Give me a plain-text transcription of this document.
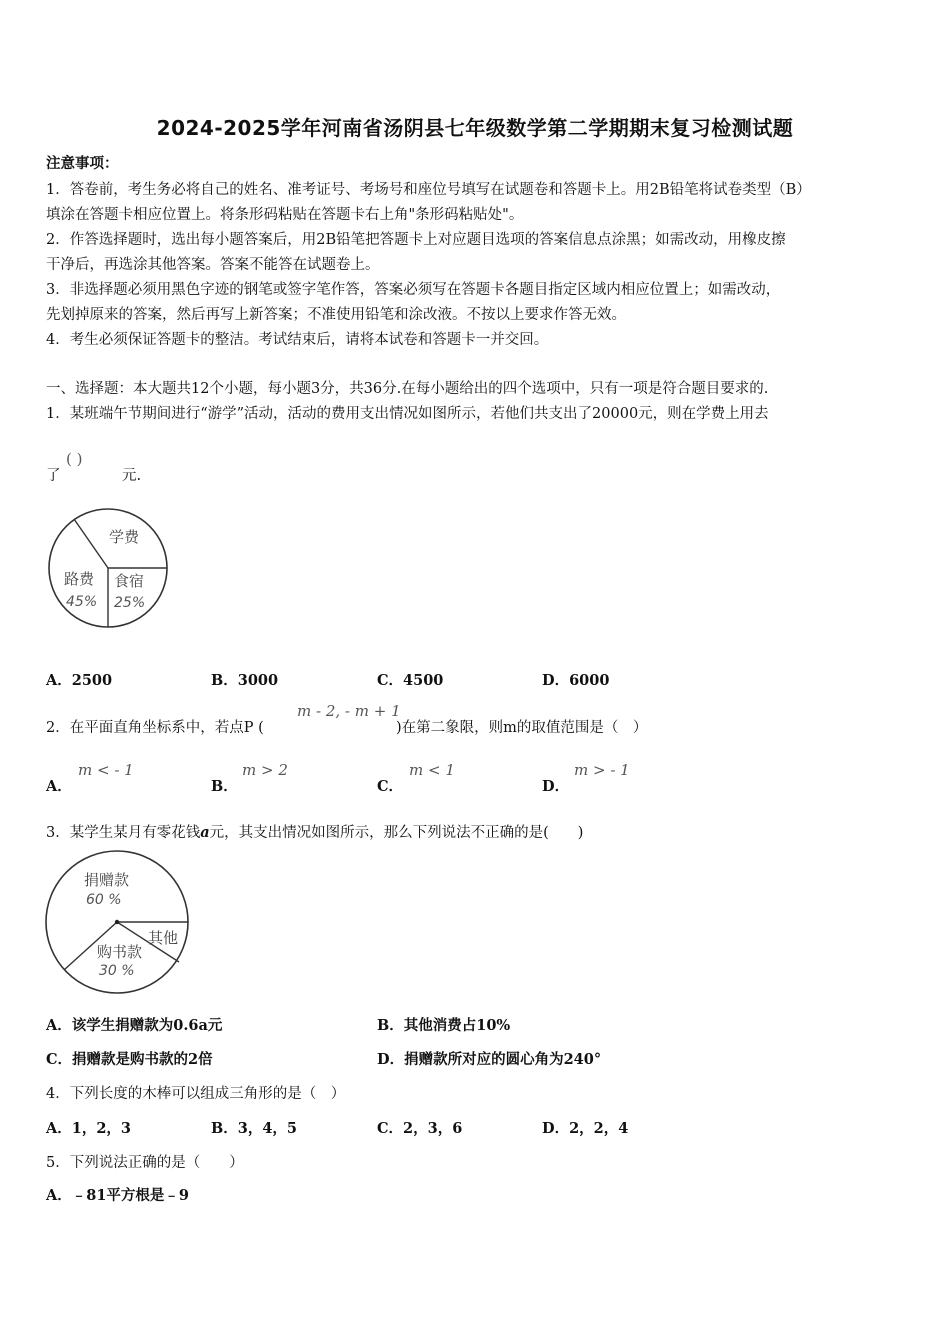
2024-2025学年河南省汤阴县七年级数学第二学期期末复习检测试题
注意事项：
1．答卷前，考生务必将自己的姓名、准考证号、考场号和座位号填写在试题卷和答题卡上。用2B铅笔将试卷类型（B）
填涂在答题卡相应位置上。将条形码粘贴在答题卡右上角"条形码粘贴处"。
2．作答选择题时，选出每小题答案后，用2B铅笔把答题卡上对应题目选项的答案信息点涂黑；如需改动，用橡皮擦
干净后，再选涂其他答案。答案不能答在试题卷上。
3．非选择题必须用黑色字迹的钢笔或签字笔作答，答案必须写在答题卡各题目指定区域内相应位置上；如需改动，
先划掉原来的答案，然后再写上新答案；不准使用铅笔和涂改液。不按以上要求作答无效。
4．考生必须保证答题卡的整洁。考试结束后，请将本试卷和答题卡一并交回。
一、选择题：本大题共12个小题，每小题3分，共36分.在每小题给出的四个选项中，只有一项是符合题目要求的.
1．某班端午节期间进行“游学”活动，活动的费用支出情况如图所示，若他们共支出了20000元，则在学费上用去
了
( )
元.
学费
路费
45%
食宿
25%
A．2500	B．3000	C．4500	D．6000
2．在平面直角坐标系中，若点P (
m - 2, - m + 1
)在第二象限，则m的取值范围是（　）
A．
m < - 1
B．
m > 2
C．
m < 1
D．
m > - 1
3．某学生某月有零花钱a元，其支出情况如图所示，那么下列说法不正确的是(　　)
捐赠款
60 %
其他
购书款
30 %
A．该学生捐赠款为0.6a元	B．其他消费占10%
C．捐赠款是购书款的2倍	D．捐赠款所对应的圆心角为240°
4．下列长度的木棒可以组成三角形的是（　）
A．1，2，3	B．3，4，5	C．2，3，6	D．2，2，4
5．下列说法正确的是（　　）
A．﹣81平方根是﹣9
